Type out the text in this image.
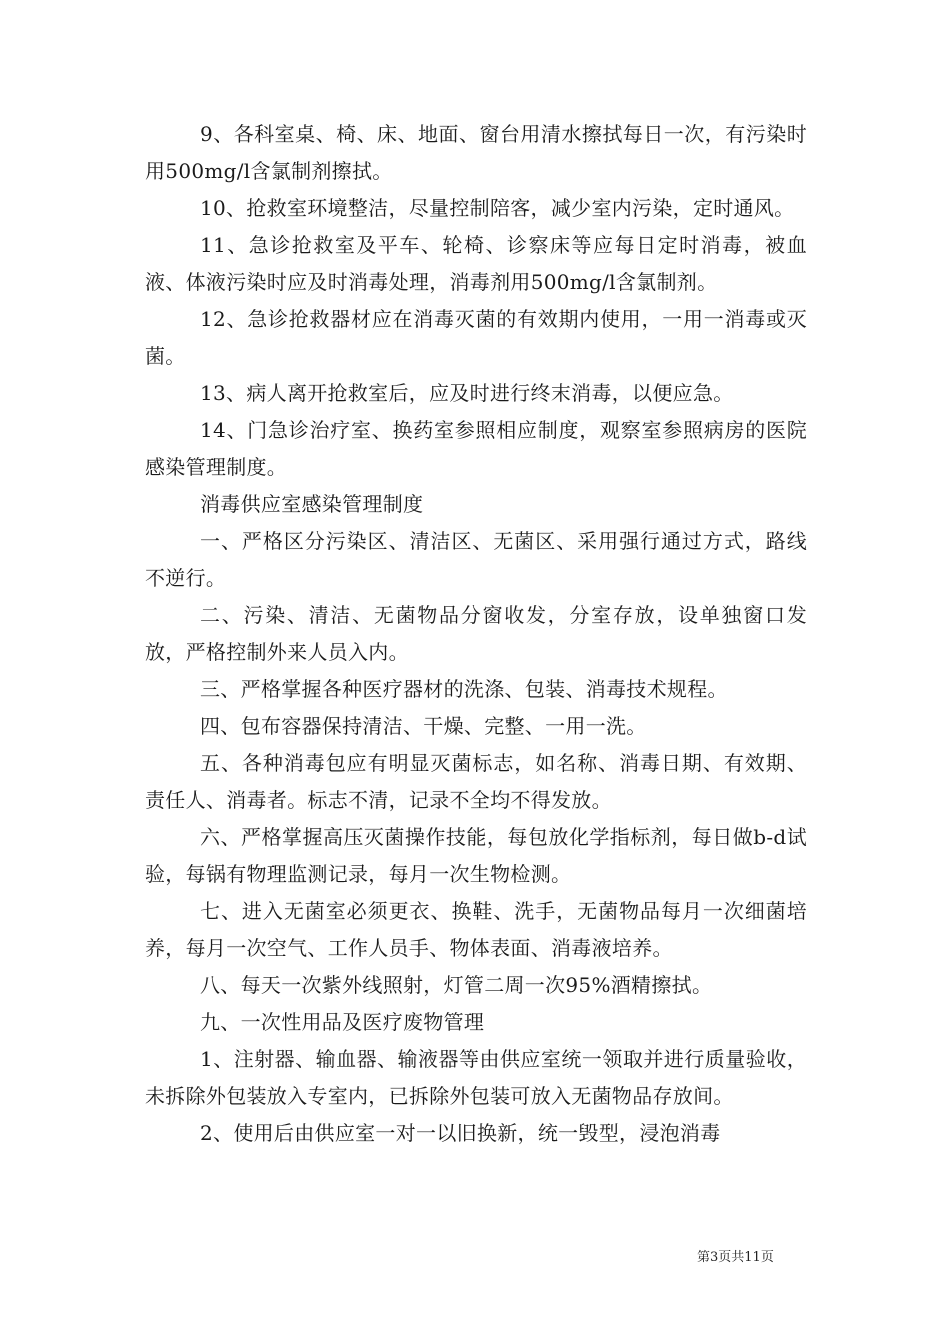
9、各科室桌、椅、床、地面、窗台用清水擦拭每日一次，有污染时用500mg/l含氯制剂擦拭。

10、抢救室环境整洁，尽量控制陪客，减少室内污染，定时通风。

11、急诊抢救室及平车、轮椅、诊察床等应每日定时消毒，被血液、体液污染时应及时消毒处理，消毒剂用500mg/l含氯制剂。

12、急诊抢救器材应在消毒灭菌的有效期内使用，一用一消毒或灭菌。

13、病人离开抢救室后，应及时进行终末消毒，以便应急。

14、门急诊治疗室、换药室参照相应制度，观察室参照病房的医院感染管理制度。

消毒供应室感染管理制度

一、严格区分污染区、清洁区、无菌区、采用强行通过方式，路线不逆行。

二、污染、清洁、无菌物品分窗收发，分室存放，设单独窗口发放，严格控制外来人员入内。

三、严格掌握各种医疗器材的洗涤、包装、消毒技术规程。

四、包布容器保持清洁、干燥、完整、一用一洗。

五、各种消毒包应有明显灭菌标志，如名称、消毒日期、有效期、责任人、消毒者。标志不清，记录不全均不得发放。

六、严格掌握高压灭菌操作技能，每包放化学指标剂，每日做b-d试验，每锅有物理监测记录，每月一次生物检测。

七、进入无菌室必须更衣、换鞋、洗手，无菌物品每月一次细菌培养，每月一次空气、工作人员手、物体表面、消毒液培养。

八、每天一次紫外线照射，灯管二周一次95%酒精擦拭。

九、一次性用品及医疗废物管理

1、注射器、输血器、输液器等由供应室统一领取并进行质量验收，未拆除外包装放入专室内，已拆除外包装可放入无菌物品存放间。

2、使用后由供应室一对一以旧换新，统一毁型，浸泡消毒

第3页共11页
